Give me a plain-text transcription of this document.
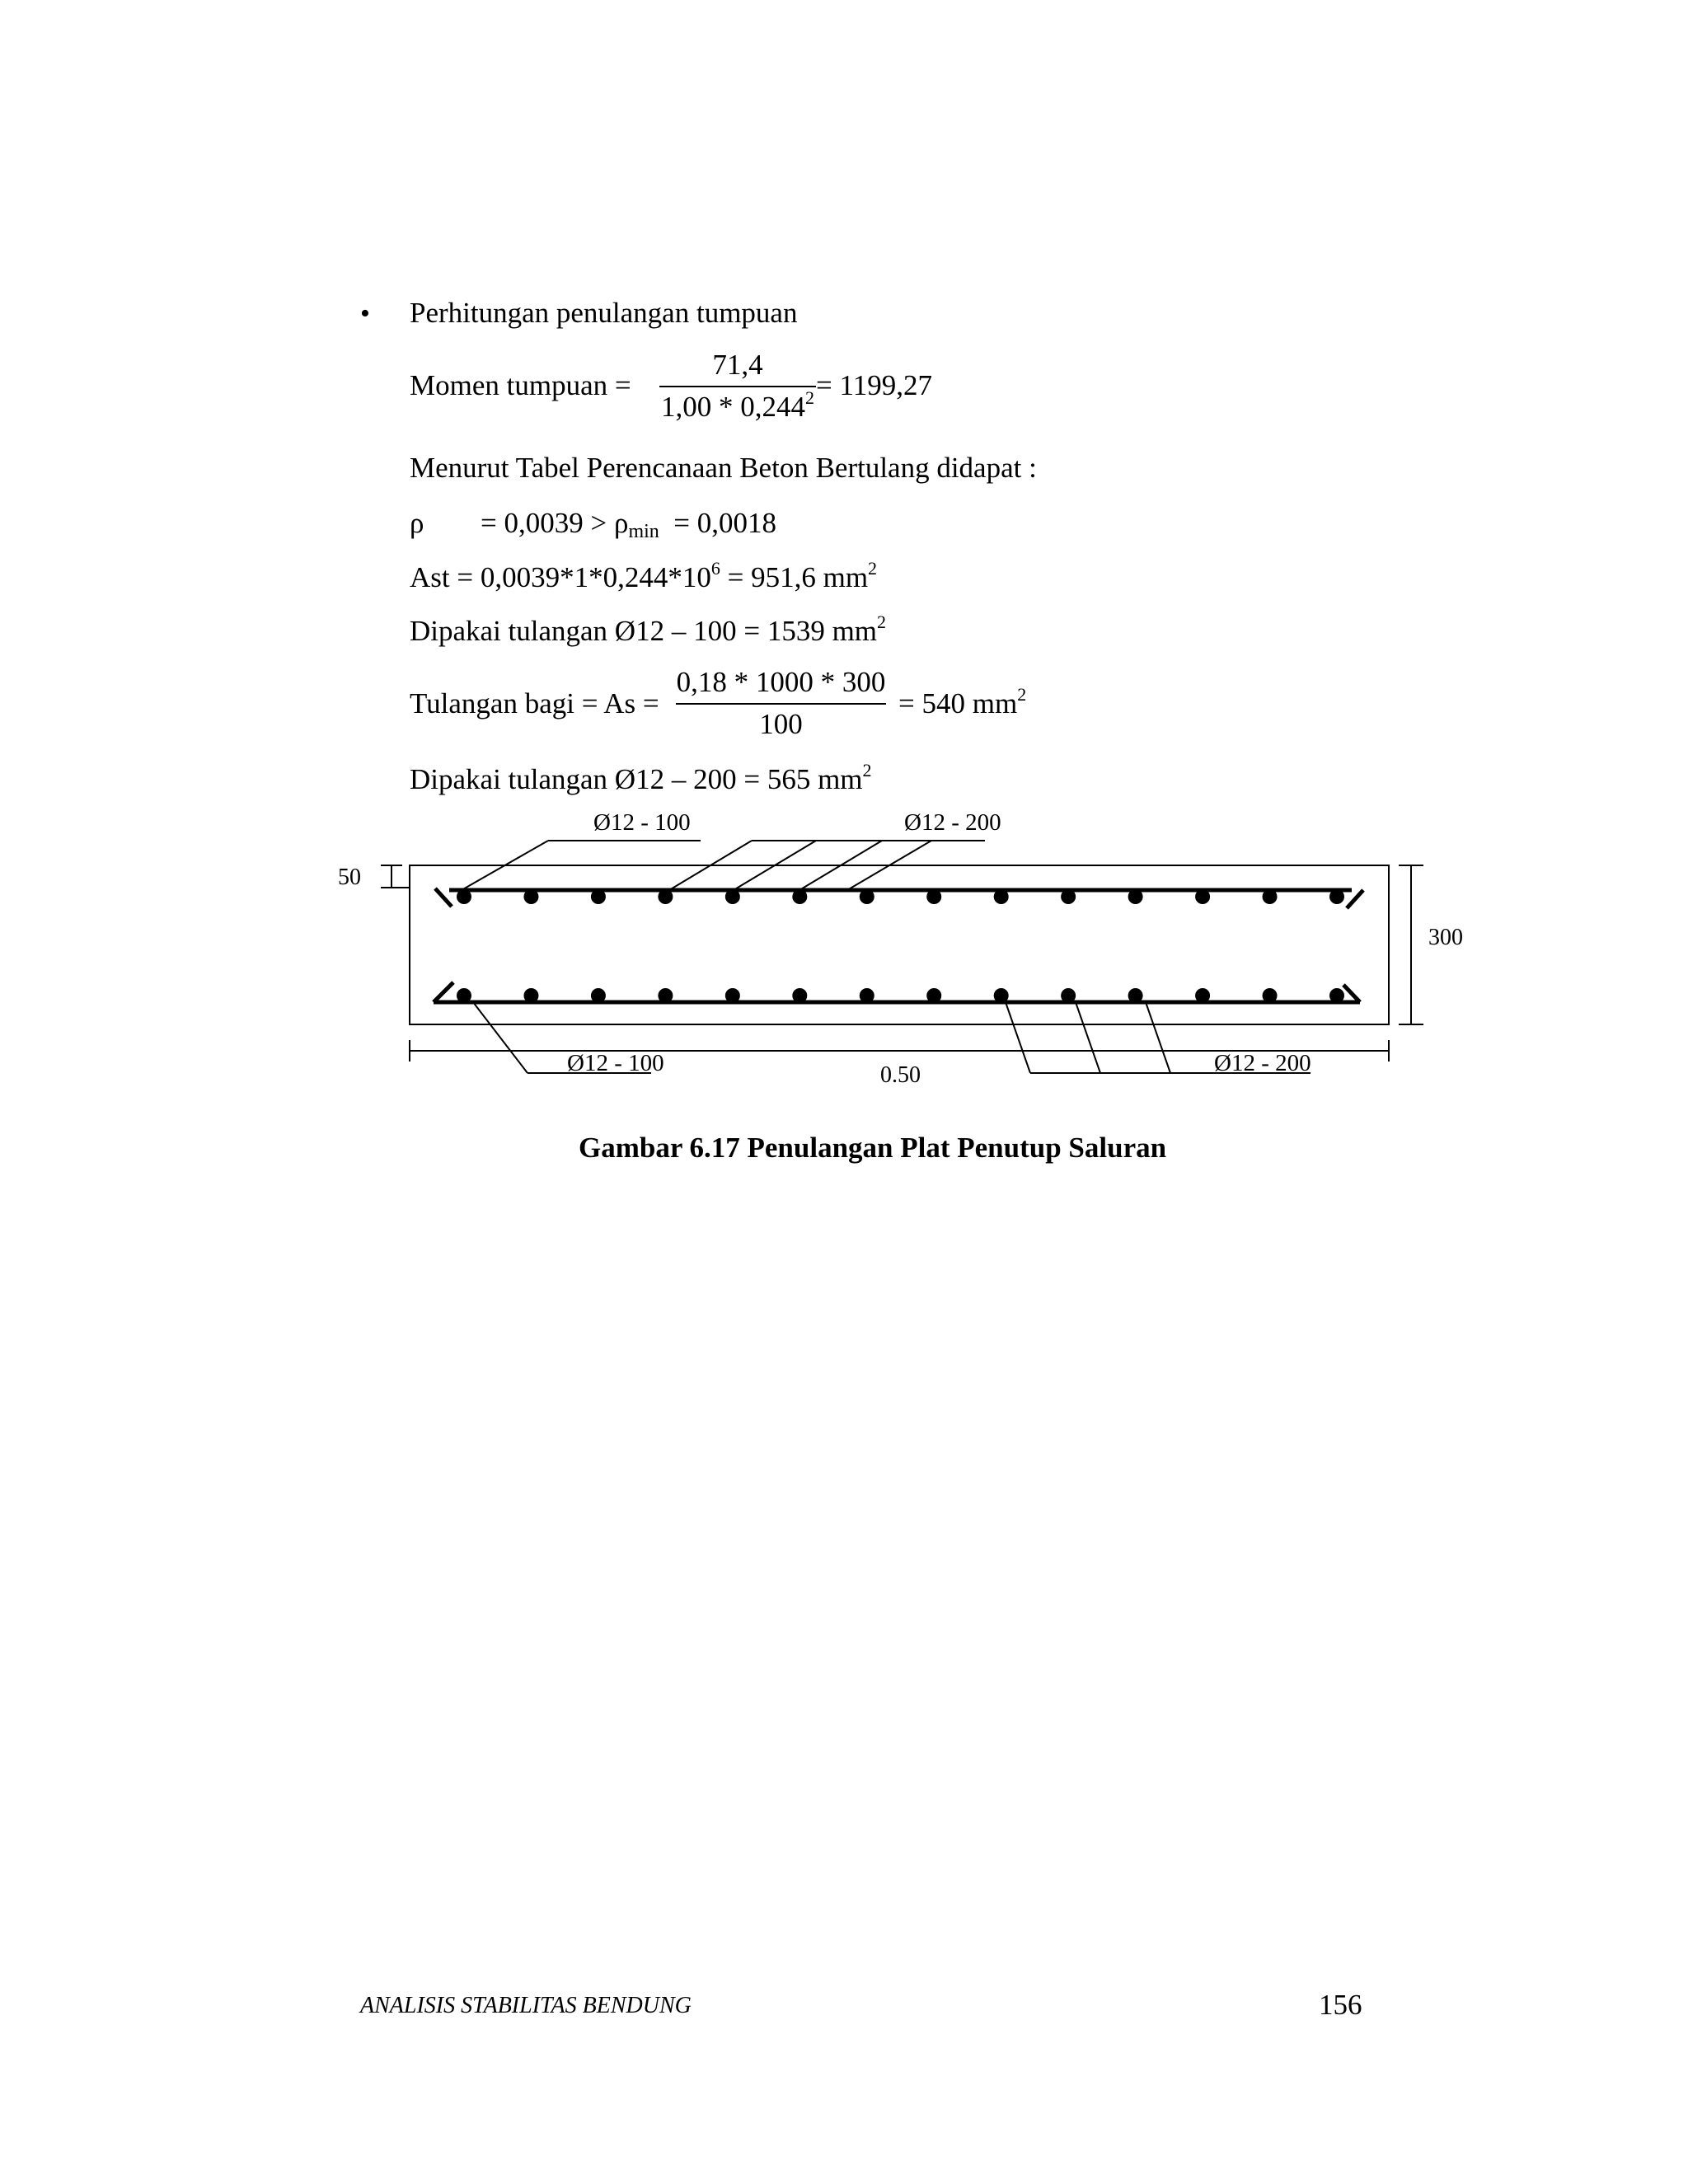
• Perhitungan penulangan tumpuan
Momen tumpuan =
71,4
$1,00 * 0,244^2 = 1199,27$
Menurut Tabel Perencanaan Beton Bertulang didapat :
$\rho = 0,0039 > \rho_{min} = 0,0018$
Ast = $0,0039*1*0,244*10^6 = 951,6$ $mm^2$
Dipakai tulangan Ø12 – 100 = 1539 $mm^2$
Tulangan bagi = As =
0,18 * 1000 * 300
100
= 540 $mm^2$
Dipakai tulangan Ø12 – 200 = 565 $mm^2$
Ø12 - 100	Ø12 - 200
Ø12 - 100	Ø12 - 200
0.50
300
50
Gambar 6.17 Penulangan Plat Penutup Saluran
ANALISIS STABILITAS BENDUNG	156
